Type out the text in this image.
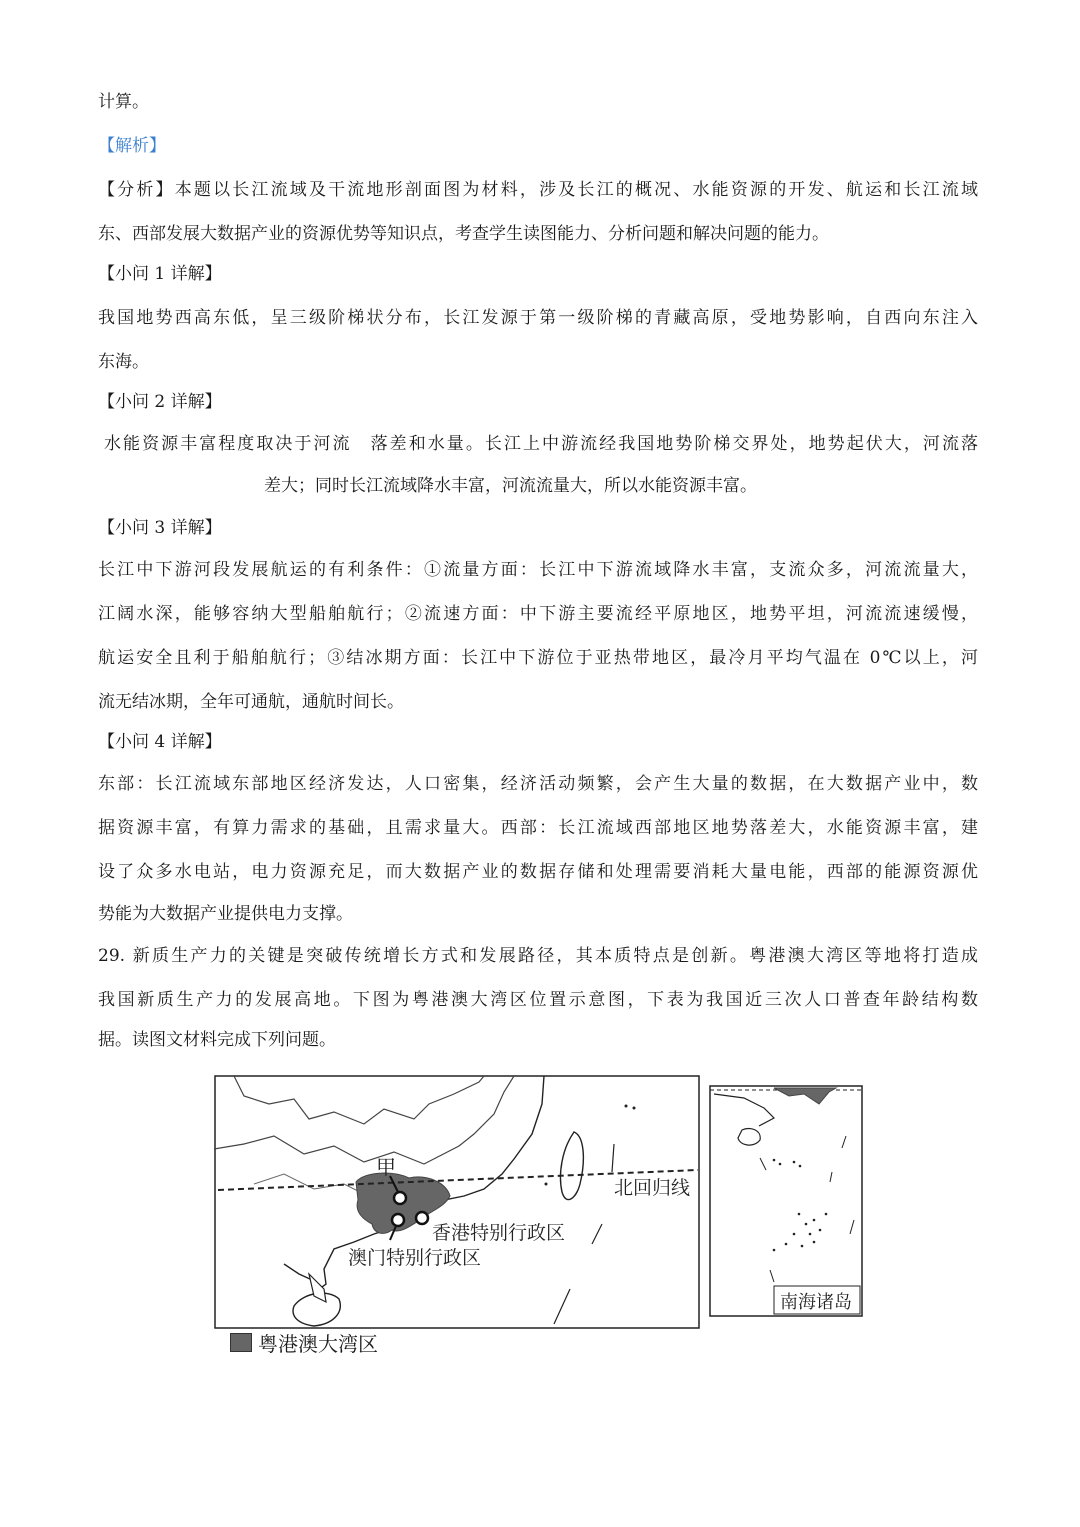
计算。

【解析】

【分析】本题以长江流域及干流地形剖面图为材料，涉及长江的概况、水能资源的开发、航运和长江流域

东、西部发展大数据产业的资源优势等知识点，考查学生读图能力、分析问题和解决问题的能力。

【小问 1 详解】

我国地势西高东低，呈三级阶梯状分布，长江发源于第一级阶梯的青藏高原，受地势影响，自西向东注入

东海。

【小问 2 详解】

水能资源丰富程度取决于河流　落差和水量。长江上中游流经我国地势阶梯交界处，地势起伏大，河流落

差大；同时长江流域降水丰富，河流流量大，所以水能资源丰富。

【小问 3 详解】

长江中下游河段发展航运的有利条件：①流量方面：长江中下游流域降水丰富，支流众多，河流流量大，

江阔水深，能够容纳大型船舶航行；②流速方面：中下游主要流经平原地区，地势平坦，河流流速缓慢，

航运安全且利于船舶航行；③结冰期方面：长江中下游位于亚热带地区，最冷月平均气温在 0℃以上，河

流无结冰期，全年可通航，通航时间长。

【小问 4 详解】

东部：长江流域东部地区经济发达，人口密集，经济活动频繁，会产生大量的数据，在大数据产业中，数

据资源丰富，有算力需求的基础，且需求量大。西部：长江流域西部地区地势落差大，水能资源丰富，建

设了众多水电站，电力资源充足，而大数据产业的数据存储和处理需要消耗大量电能，西部的能源资源优

势能为大数据产业提供电力支撑。

29. 新质生产力的关键是突破传统增长方式和发展路径，其本质特点是创新。粤港澳大湾区等地将打造成

我国新质生产力的发展高地。下图为粤港澳大湾区位置示意图，下表为我国近三次人口普查年龄结构数

据。读图文材料完成下列问题。

甲
北回归线
香港特别行政区
澳门特别行政区
南海诸岛
粤港澳大湾区
